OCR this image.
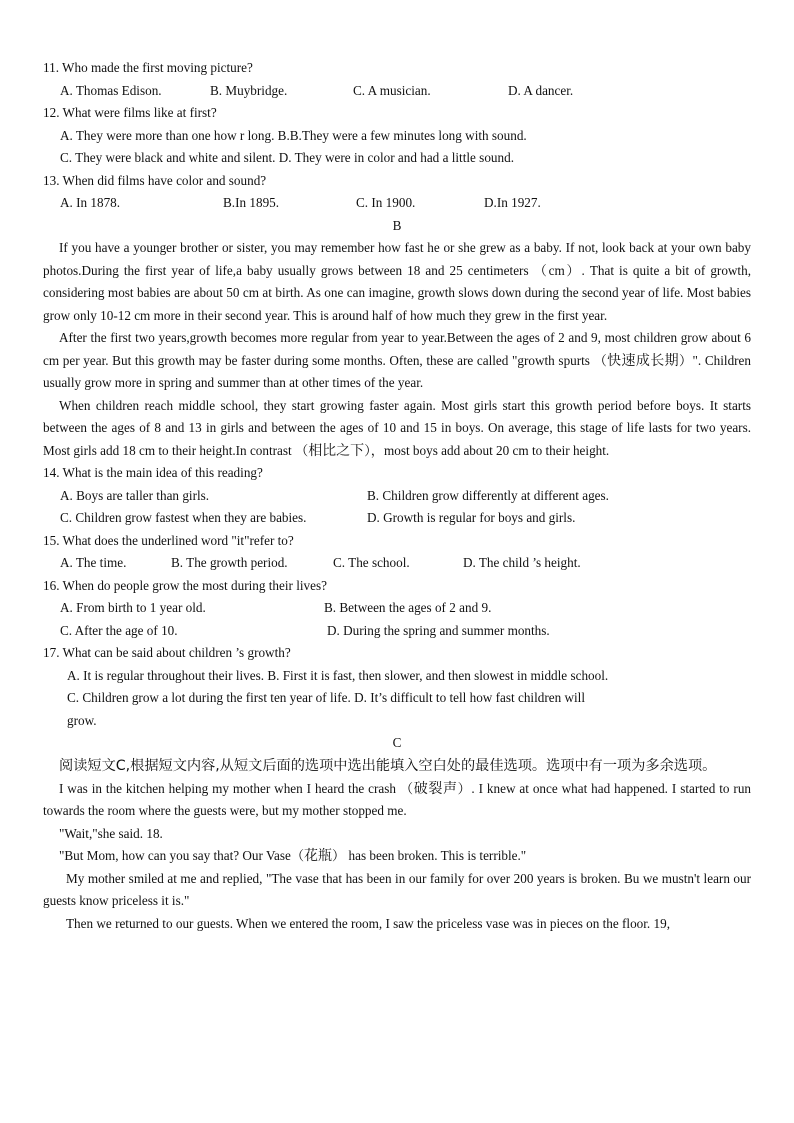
11. Who made the first moving picture?
A. Thomas Edison.	B. Muybridge.	C. A musician.	D. A dancer.
12. What were films like at first?
A. They were more than one how r long. B.B.They were a few minutes long with sound.
C. They were black and white and silent. D. They were in color and had a little sound.
13. When did films have color and sound?
A. In 1878.	B.In 1895.	C. In 1900.	D.In 1927.
B

If you have a younger brother or sister, you may remember how fast he or she grew as a baby. If not, look back at your own baby photos.During the first year of life,a baby usually grows between 18 and 25 centimeters （cm）. That is quite a bit of growth, considering most babies are about 50 cm at birth. As one can imagine, growth slows down during the second year of life. Most babies grow only 10-12 cm more in their second year. This is around half of how much they grew in the first year.

After the first two years,growth becomes more regular from year to year.Between the ages of 2 and 9, most children grow about 6 cm per year. But this growth may be faster during some months. Often, these are called "growth spurts （快速成长期）". Children usually grow more in spring and summer than at other times of the year.

When children reach middle school, they start growing faster again. Most girls start this growth period before boys. It starts between the ages of 8 and 13 in girls and between the ages of 10 and 15 in boys. On average, this stage of life lasts for two years. Most girls add 18 cm to their height.In contrast （相比之下），most boys add about 20 cm to their height.

14. What is the main idea of this reading?
A. Boys are taller than girls.	B. Children grow differently at different ages.
C. Children grow fastest when they are babies.	D. Growth is regular for boys and girls.
15. What does the underlined word "it"refer to?
A. The time.	B. The growth period.	C. The school.	D. The child ’s height.
16. When do people grow the most during their lives?
A. From birth to 1 year old.	B. Between the ages of 2 and 9.
C. After the age of 10.	D. During the spring and summer months.
17. What can be said about children ’s growth?
A. It is regular throughout their lives. B. First it is fast, then slower, and then slowest in middle school.
C. Children grow a lot during the first ten year of life. D. It’s difficult to tell how fast children will
grow.
C

阅读短文C,根据短文内容,从短文后面的选项中选出能填入空白处的最佳选项。选项中有一项为多余选项。

I was in the kitchen helping my mother when I heard the crash （破裂声）. I knew at once what had happened. I started to run towards the room where the guests were, but my mother stopped me.

"Wait,"she said. 18.

"But Mom, how can you say that? Our Vase（花瓶） has been broken. This is terrible."

My mother smiled at me and replied, "The vase that has been in our family for over 200 years is broken. Bu we mustn't learn our guests know priceless it is."

Then we returned to our guests. When we entered the room, I saw the priceless vase was in pieces on the floor. 19,
